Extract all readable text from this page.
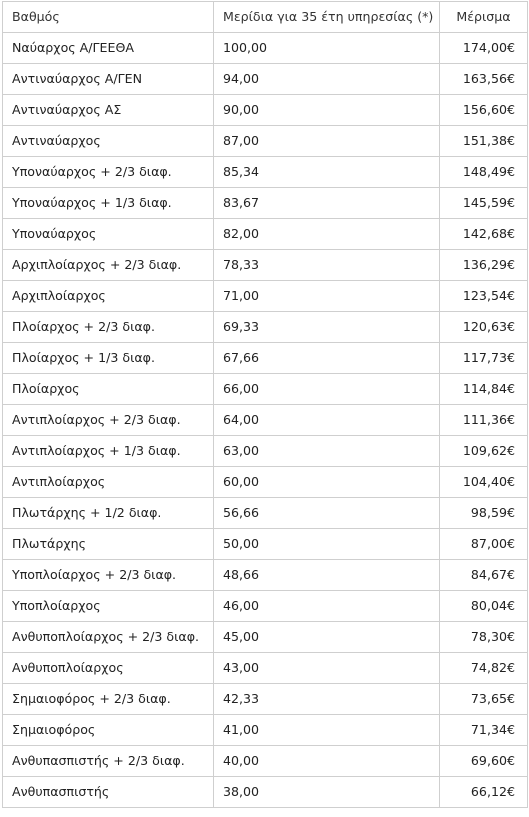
Βαθμός	Μερίδια για 35 έτη υπηρεσίας (*)	Μέρισμα
Ναύαρχος Α/ΓΕΕΘΑ	100,00	174,00€
Αντιναύαρχος Α/ΓΕΝ	94,00	163,56€
Αντιναύαρχος ΑΣ	90,00	156,60€
Αντιναύαρχος	87,00	151,38€
Υποναύαρχος + 2/3 διαφ.	85,34	148,49€
Υποναύαρχος + 1/3 διαφ.	83,67	145,59€
Υποναύαρχος	82,00	142,68€
Αρχιπλοίαρχος + 2/3 διαφ.	78,33	136,29€
Αρχιπλοίαρχος	71,00	123,54€
Πλοίαρχος + 2/3 διαφ.	69,33	120,63€
Πλοίαρχος + 1/3 διαφ.	67,66	117,73€
Πλοίαρχος	66,00	114,84€
Αντιπλοίαρχος + 2/3 διαφ.	64,00	111,36€
Αντιπλοίαρχος + 1/3 διαφ.	63,00	109,62€
Αντιπλοίαρχος	60,00	104,40€
Πλωτάρχης + 1/2 διαφ.	56,66	98,59€
Πλωτάρχης	50,00	87,00€
Υποπλοίαρχος + 2/3 διαφ.	48,66	84,67€
Υποπλοίαρχος	46,00	80,04€
Ανθυποπλοίαρχος + 2/3 διαφ.	45,00	78,30€
Ανθυποπλοίαρχος	43,00	74,82€
Σημαιοφόρος + 2/3 διαφ.	42,33	73,65€
Σημαιοφόρος	41,00	71,34€
Ανθυπασπιστής + 2/3 διαφ.	40,00	69,60€
Ανθυπασπιστής	38,00	66,12€
